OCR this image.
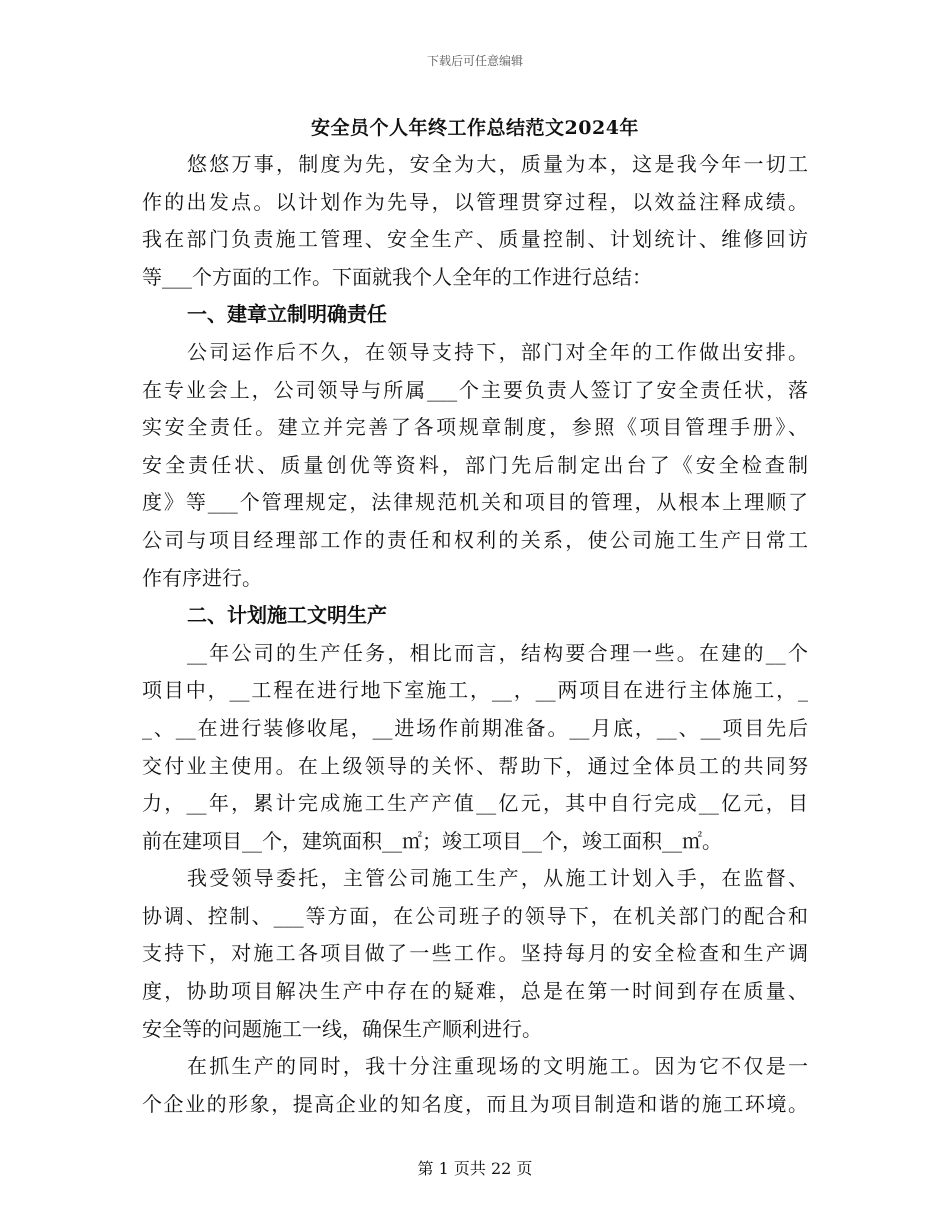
下载后可任意编辑
安全员个人年终工作总结范文2024年
悠悠万事，制度为先，安全为大，质量为本，这是我今年一切工
作的出发点。以计划作为先导，以管理贯穿过程，以效益注释成绩。
我在部门负责施工管理、安全生产、质量控制、计划统计、维修回访
等___个方面的工作。下面就我个人全年的工作进行总结：
一、建章立制明确责任
公司运作后不久，在领导支持下，部门对全年的工作做出安排。
在专业会上，公司领导与所属___个主要负责人签订了安全责任状，落
实安全责任。建立并完善了各项规章制度，参照《项目管理手册》、
安全责任状、质量创优等资料，部门先后制定出台了《安全检查制
度》等___个管理规定，法律规范机关和项目的管理，从根本上理顺了
公司与项目经理部工作的责任和权利的关系，使公司施工生产日常工
作有序进行。
二、计划施工文明生产
__年公司的生产任务，相比而言，结构要合理一些。在建的__个
项目中，__工程在进行地下室施工，__，__两项目在进行主体施工，_
_、__在进行装修收尾，__进场作前期准备。__月底，__、__项目先后
交付业主使用。在上级领导的关怀、帮助下，通过全体员工的共同努
力，__年，累计完成施工生产产值__亿元，其中自行完成__亿元，目
前在建项目__个，建筑面积__㎡；竣工项目__个，竣工面积__㎡。
我受领导委托，主管公司施工生产，从施工计划入手，在监督、
协调、控制、___等方面，在公司班子的领导下，在机关部门的配合和
支持下，对施工各项目做了一些工作。坚持每月的安全检查和生产调
度，协助项目解决生产中存在的疑难，总是在第一时间到存在质量、
安全等的问题施工一线，确保生产顺利进行。
在抓生产的同时，我十分注重现场的文明施工。因为它不仅是一
个企业的形象，提高企业的知名度，而且为项目制造和谐的施工环境。
第 1 页共 22 页
